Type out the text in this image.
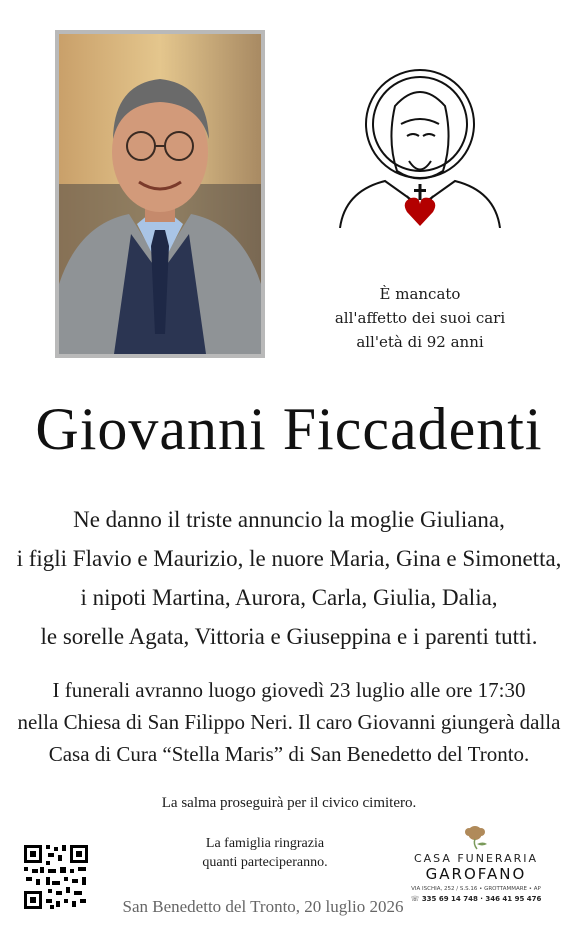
È mancato
all'affetto dei suoi cari
all'età di 92 anni
Giovanni Ficcadenti
Ne danno il triste annuncio la moglie Giuliana,
i figli Flavio e Maurizio, le nuore Maria, Gina e Simonetta,
i nipoti Martina, Aurora, Carla, Giulia, Dalia,
le sorelle Agata, Vittoria e Giuseppina e i parenti tutti.
I funerali avranno luogo giovedì 23 luglio alle ore 17:30
nella Chiesa di San Filippo Neri. Il caro Giovanni giungerà dalla
Casa di Cura “Stella Maris” di San Benedetto del Tronto.
La salma proseguirà per il civico cimitero.
La famiglia ringrazia
quanti parteciperanno.
San Benedetto del Tronto, 20 luglio 2026
CASA FUNERARIA
GAROFANO
VIA ISCHIA, 252 / S.S.16 • GROTTAMMARE • AP
☏ 335 69 14 748 · 346 41 95 476
